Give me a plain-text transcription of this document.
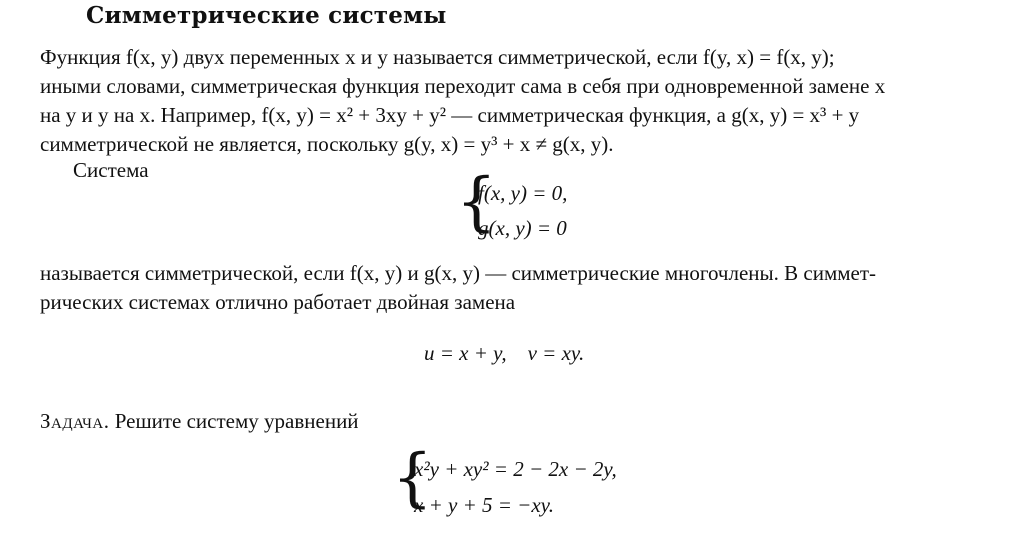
Симметрические системы
Функция f(x, y) двух переменных x и y называется симметрической, если f(y, x) = f(x, y);
иными словами, симметрическая функция переходит сама в себя при одновременной замене x
на y и y на x. Например, f(x, y) = x² + 3xy + y² — симметрическая функция, а g(x, y) = x³ + y
симметрической не является, поскольку g(y, x) = y³ + x ≠ g(x, y).
Система	{
f(x, y) = 0,
g(x, y) = 0
называется симметрической, если f(x, y) и g(x, y) — симметрические многочлены. В симмет-
рических системах отлично работает двойная замена
u = x + y,    v = xy.
Задача. Решите систему уравнений
{
x²y + xy² = 2 − 2x − 2y,
x + y + 5 = −xy.
